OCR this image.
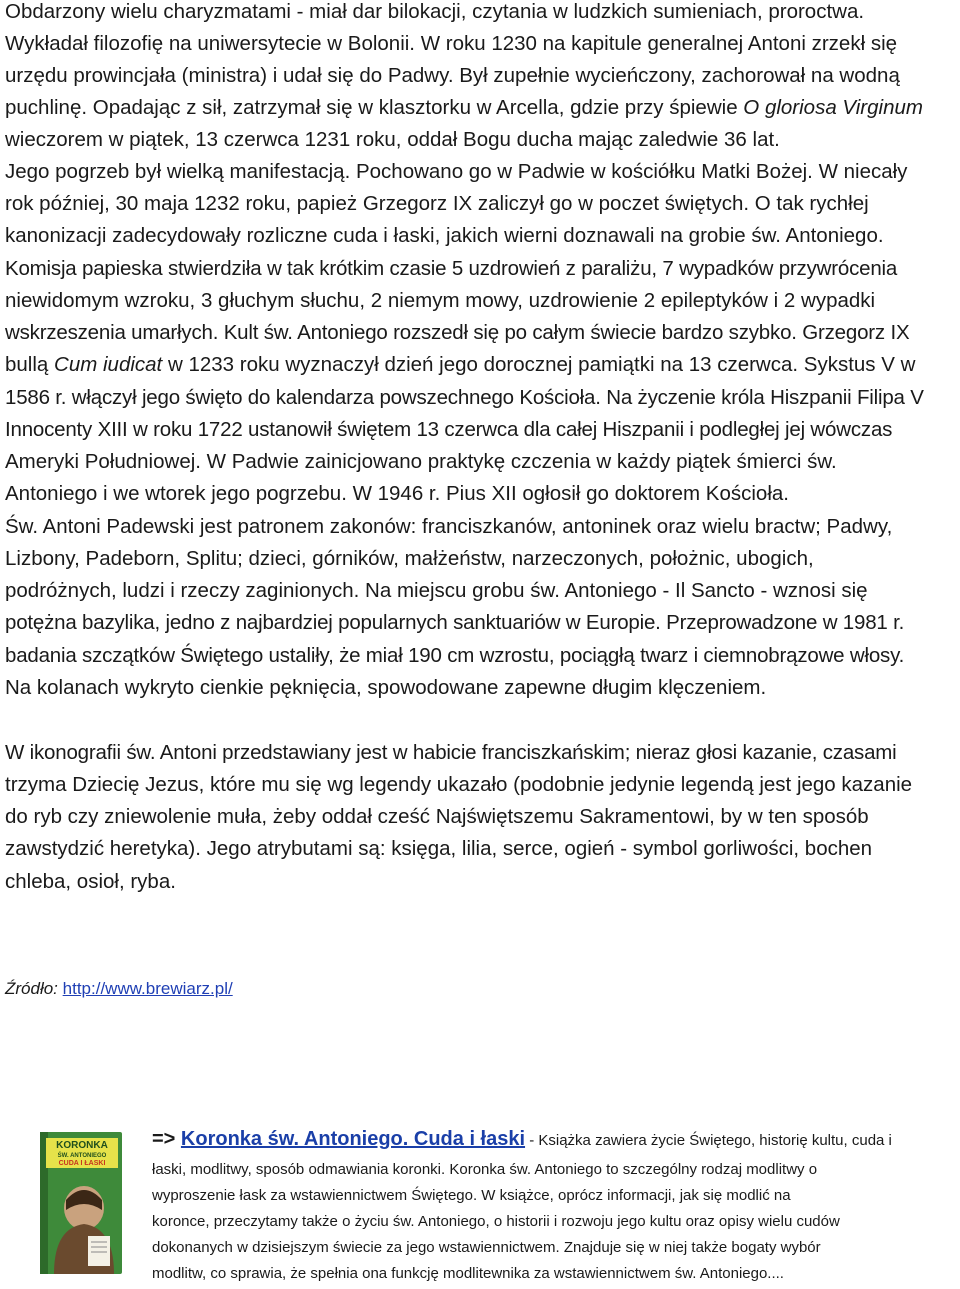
Obdarzony wielu charyzmatami - miał dar bilokacji, czytania w ludzkich sumieniach, proroctwa.
Wykładał filozofię na uniwersytecie w Bolonii. W roku 1230 na kapitule generalnej Antoni zrzekł się
urzędu prowincjała (ministra) i udał się do Padwy. Był zupełnie wycieńczony, zachorował na wodną
puchlinę. Opadając z sił, zatrzymał się w klasztorku w Arcella, gdzie przy śpiewie O gloriosa Virginum
wieczorem w piątek, 13 czerwca 1231 roku, oddał Bogu ducha mając zaledwie 36 lat.
Jego pogrzeb był wielką manifestacją. Pochowano go w Padwie w kościółku Matki Bożej. W niecały
rok później, 30 maja 1232 roku, papież Grzegorz IX zaliczył go w poczet świętych. O tak rychłej
kanonizacji zadecydowały rozliczne cuda i łaski, jakich wierni doznawali na grobie św. Antoniego.
Komisja papieska stwierdziła w tak krótkim czasie 5 uzdrowień z paraliżu, 7 wypadków przywrócenia
niewidomym wzroku, 3 głuchym słuchu, 2 niemym mowy, uzdrowienie 2 epileptyków i 2 wypadki
wskrzeszenia umarłych. Kult św. Antoniego rozszedł się po całym świecie bardzo szybko. Grzegorz IX
bullą Cum iudicat w 1233 roku wyznaczył dzień jego dorocznej pamiątki na 13 czerwca. Sykstus V w
1586 r. włączył jego święto do kalendarza powszechnego Kościoła. Na życzenie króla Hiszpanii Filipa V
Innocenty XIII w roku 1722 ustanowił świętem 13 czerwca dla całej Hiszpanii i podległej jej wówczas
Ameryki Południowej. W Padwie zainicjowano praktykę czczenia w każdy piątek śmierci św.
Antoniego i we wtorek jego pogrzebu. W 1946 r. Pius XII ogłosił go doktorem Kościoła.
Św. Antoni Padewski jest patronem zakonów: franciszkanów, antoninek oraz wielu bractw; Padwy,
Lizbony, Padeborn, Splitu; dzieci, górników, małżeństw, narzeczonych, położnic, ubogich,
podróżnych, ludzi i rzeczy zaginionych. Na miejscu grobu św. Antoniego - Il Sancto - wznosi się
potężna bazylika, jedno z najbardziej popularnych sanktuariów w Europie. Przeprowadzone w 1981 r.
badania szczątków Świętego ustaliły, że miał 190 cm wzrostu, pociągłą twarz i ciemnobrązowe włosy.
Na kolanach wykryto cienkie pęknięcia, spowodowane zapewne długim klęczeniem.
W ikonografii św. Antoni przedstawiany jest w habicie franciszkańskim; nieraz głosi kazanie, czasami
trzyma Dziecię Jezus, które mu się wg legendy ukazało (podobnie jedynie legendą jest jego kazanie
do ryb czy zniewolenie muła, żeby oddał cześć Najświętszemu Sakramentowi, by w ten sposób
zawstydzić heretyka). Jego atrybutami są: księga, lilia, serce, ogień - symbol gorliwości, bochen
chleba, osioł, ryba.
Źródło: http://www.brewiarz.pl/
KORONKA
ŚW. ANTONIEGO
CUDA I ŁASKI
=> Koronka św. Antoniego. Cuda i łaski - Książka zawiera życie Świętego, historię kultu, cuda i
łaski, modlitwy, sposób odmawiania koronki. Koronka św. Antoniego to szczególny rodzaj modlitwy o
wyproszenie łask za wstawiennictwem Świętego. W książce, oprócz informacji, jak się modlić na
koronce, przeczytamy także o życiu św. Antoniego, o historii i rozwoju jego kultu oraz opisy wielu cudów
dokonanych w dzisiejszym świecie za jego wstawiennictwem. Znajduje się w niej także bogaty wybór
modlitw, co sprawia, że spełnia ona funkcję modlitewnika za wstawiennictwem św. Antoniego....
